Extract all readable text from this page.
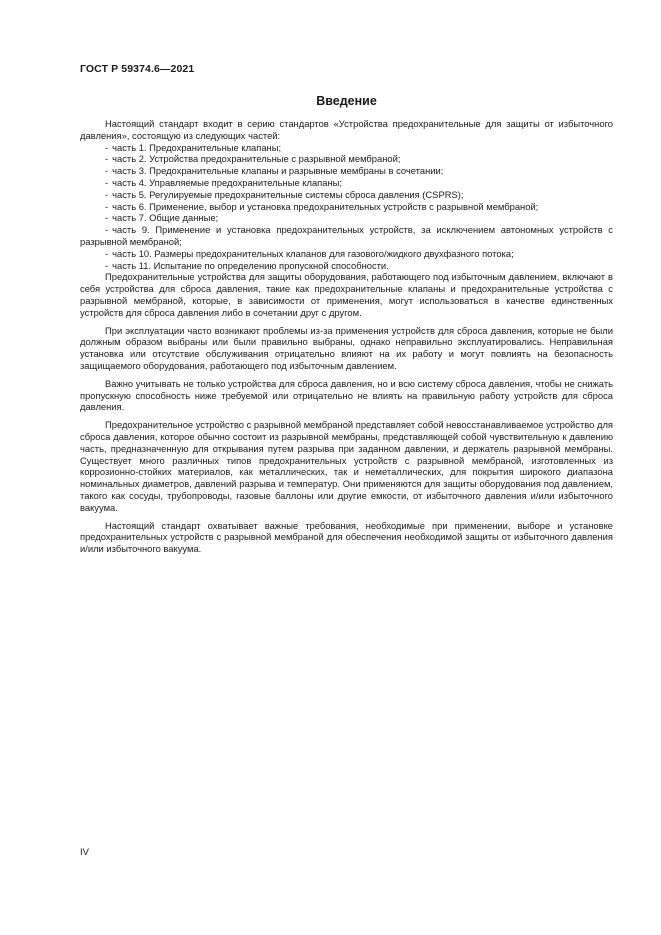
ГОСТ Р 59374.6—2021
Введение

Настоящий стандарт входит в серию стандартов «Устройства предохранительные для защиты от избыточного давления», состоящую из следующих частей:

- часть 1. Предохранительные клапаны;
- часть 2. Устройства предохранительные с разрывной мембраной;
- часть 3. Предохранительные клапаны и разрывные мембраны в сочетании;
- часть 4. Управляемые предохранительные клапаны;
- часть 5. Регулируемые предохранительные системы сброса давления (CSPRS);
- часть 6. Применение, выбор и установка предохранительных устройств с разрывной мембраной;
- часть 7. Общие данные;
- часть 9. Применение и установка предохранительных устройств, за исключением автономных устройств с разрывной мембраной;
- часть 10. Размеры предохранительных клапанов для газового/жидкого двухфазного потока;
- часть 11. Испытание по определению пропускной способности.

Предохранительные устройства для защиты оборудования, работающего под избыточным давлением, включают в себя устройства для сброса давления, такие как предохранительные клапаны и предохранительные устройства с разрывной мембраной, которые, в зависимости от применения, могут использоваться в качестве единственных устройств для сброса давления либо в сочетании друг с другом.

При эксплуатации часто возникают проблемы из-за применения устройств для сброса давления, которые не были должным образом выбраны или были правильно выбраны, однако неправильно эксплуатировались. Неправильная установка или отсутствие обслуживания отрицательно влияют на их работу и могут повлиять на безопасность защищаемого оборудования, работающего под избыточным давлением.

Важно учитывать не только устройства для сброса давления, но и всю систему сброса давления, чтобы не снижать пропускную способность ниже требуемой или отрицательно не влиять на правильную работу устройств для сброса давления.

Предохранительное устройство с разрывной мембраной представляет собой невосстанавливаемое устройство для сброса давления, которое обычно состоит из разрывной мембраны, представляющей собой чувствительную к давлению часть, предназначенную для открывания путем разрыва при заданном давлении, и держатель разрывной мембраны. Существует много различных типов предохранительных устройств с разрывной мембраной, изготовленных из коррозионно-стойких материалов, как металлических, так и неметаллических, для покрытия широкого диапазона номинальных диаметров, давлений разрыва и температур. Они применяются для защиты оборудования под давлением, такого как сосуды, трубопроводы, газовые баллоны или другие емкости, от избыточного давления и/или избыточного вакуума.

Настоящий стандарт охватывает важные требования, необходимые при применении, выборе и установке предохранительных устройств с разрывной мембраной для обеспечения необходимой защиты от избыточного давления и/или избыточного вакуума.

IV
